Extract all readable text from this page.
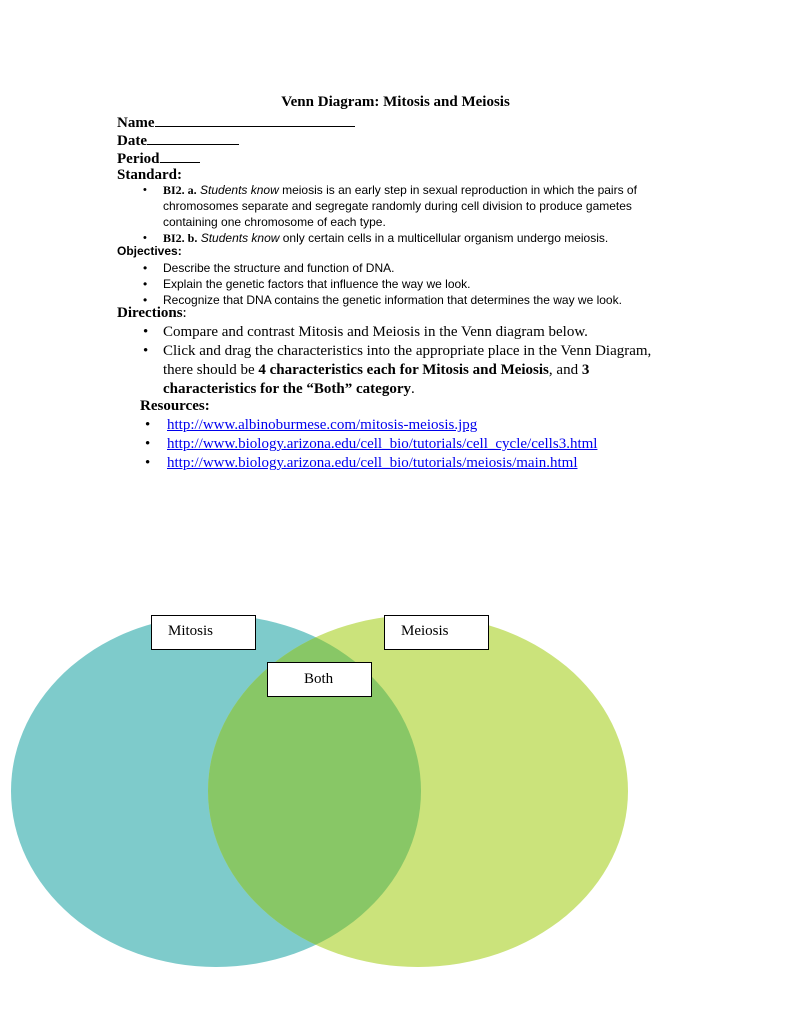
Venn Diagram: Mitosis and Meiosis
Name
Date
Period
Standard:
• BI2. a. Students know meiosis is an early step in sexual reproduction in which the pairs of chromosomes separate and segregate randomly during cell division to produce gametes containing one chromosome of each type.
• BI2. b. Students know only certain cells in a multicellular organism undergo meiosis.
Objectives:
• Describe the structure and function of DNA.
• Explain the genetic factors that influence the way we look.
• Recognize that DNA contains the genetic information that determines the way we look.
Directions:
• Compare and contrast Mitosis and Meiosis in the Venn diagram below.
• Click and drag the characteristics into the appropriate place in the Venn Diagram, there should be 4 characteristics each for Mitosis and Meiosis, and 3 characteristics for the “Both” category.
Resources:
• http://www.albinoburmese.com/mitosis-meiosis.jpg
• http://www.biology.arizona.edu/cell_bio/tutorials/cell_cycle/cells3.html
• http://www.biology.arizona.edu/cell_bio/tutorials/meiosis/main.html
Mitosis	Meiosis
Both
